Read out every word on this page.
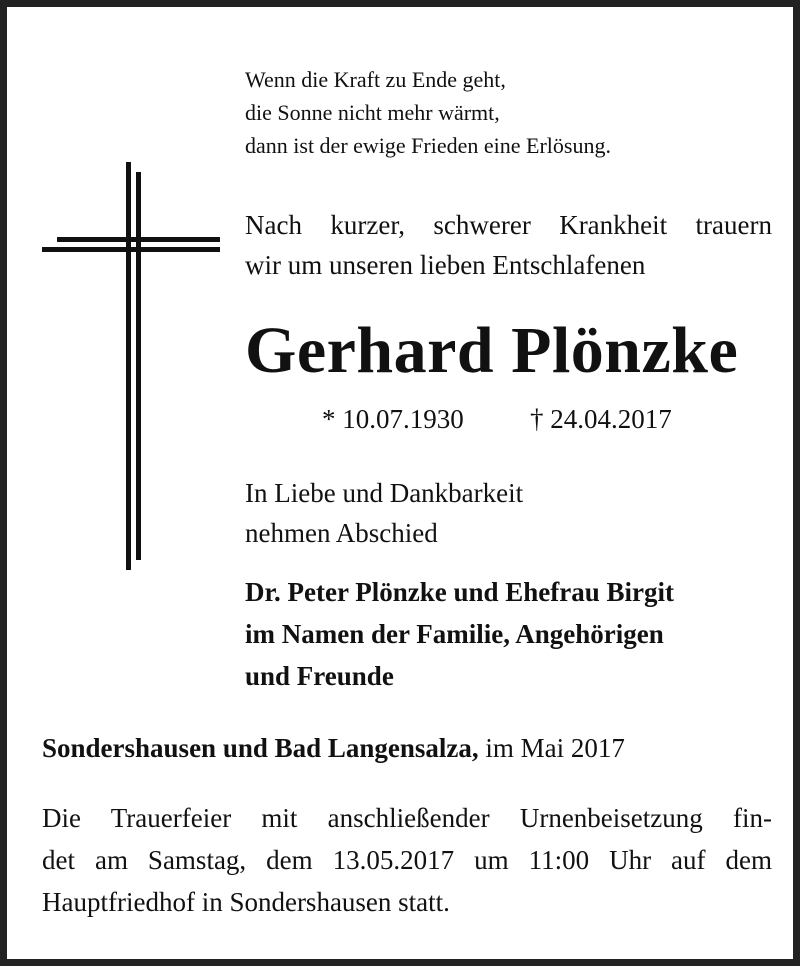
Wenn die Kraft zu Ende geht,
die Sonne nicht mehr wärmt,
dann ist der ewige Frieden eine Erlösung.
Nach kurzer, schwerer Krankheit trauern
wir um unseren lieben Entschlafenen
Gerhard Plönzke
* 10.07.1930 † 24.04.2017
In Liebe und Dankbarkeit
nehmen Abschied
Dr. Peter Plönzke und Ehefrau Birgit
im Namen der Familie, Angehörigen
und Freunde
Sondershausen und Bad Langensalza, im Mai 2017
Die Trauerfeier mit anschließender Urnenbeisetzung fin-
det am Samstag, dem 13.05.2017 um 11:00 Uhr auf dem
Hauptfriedhof in Sondershausen statt.
